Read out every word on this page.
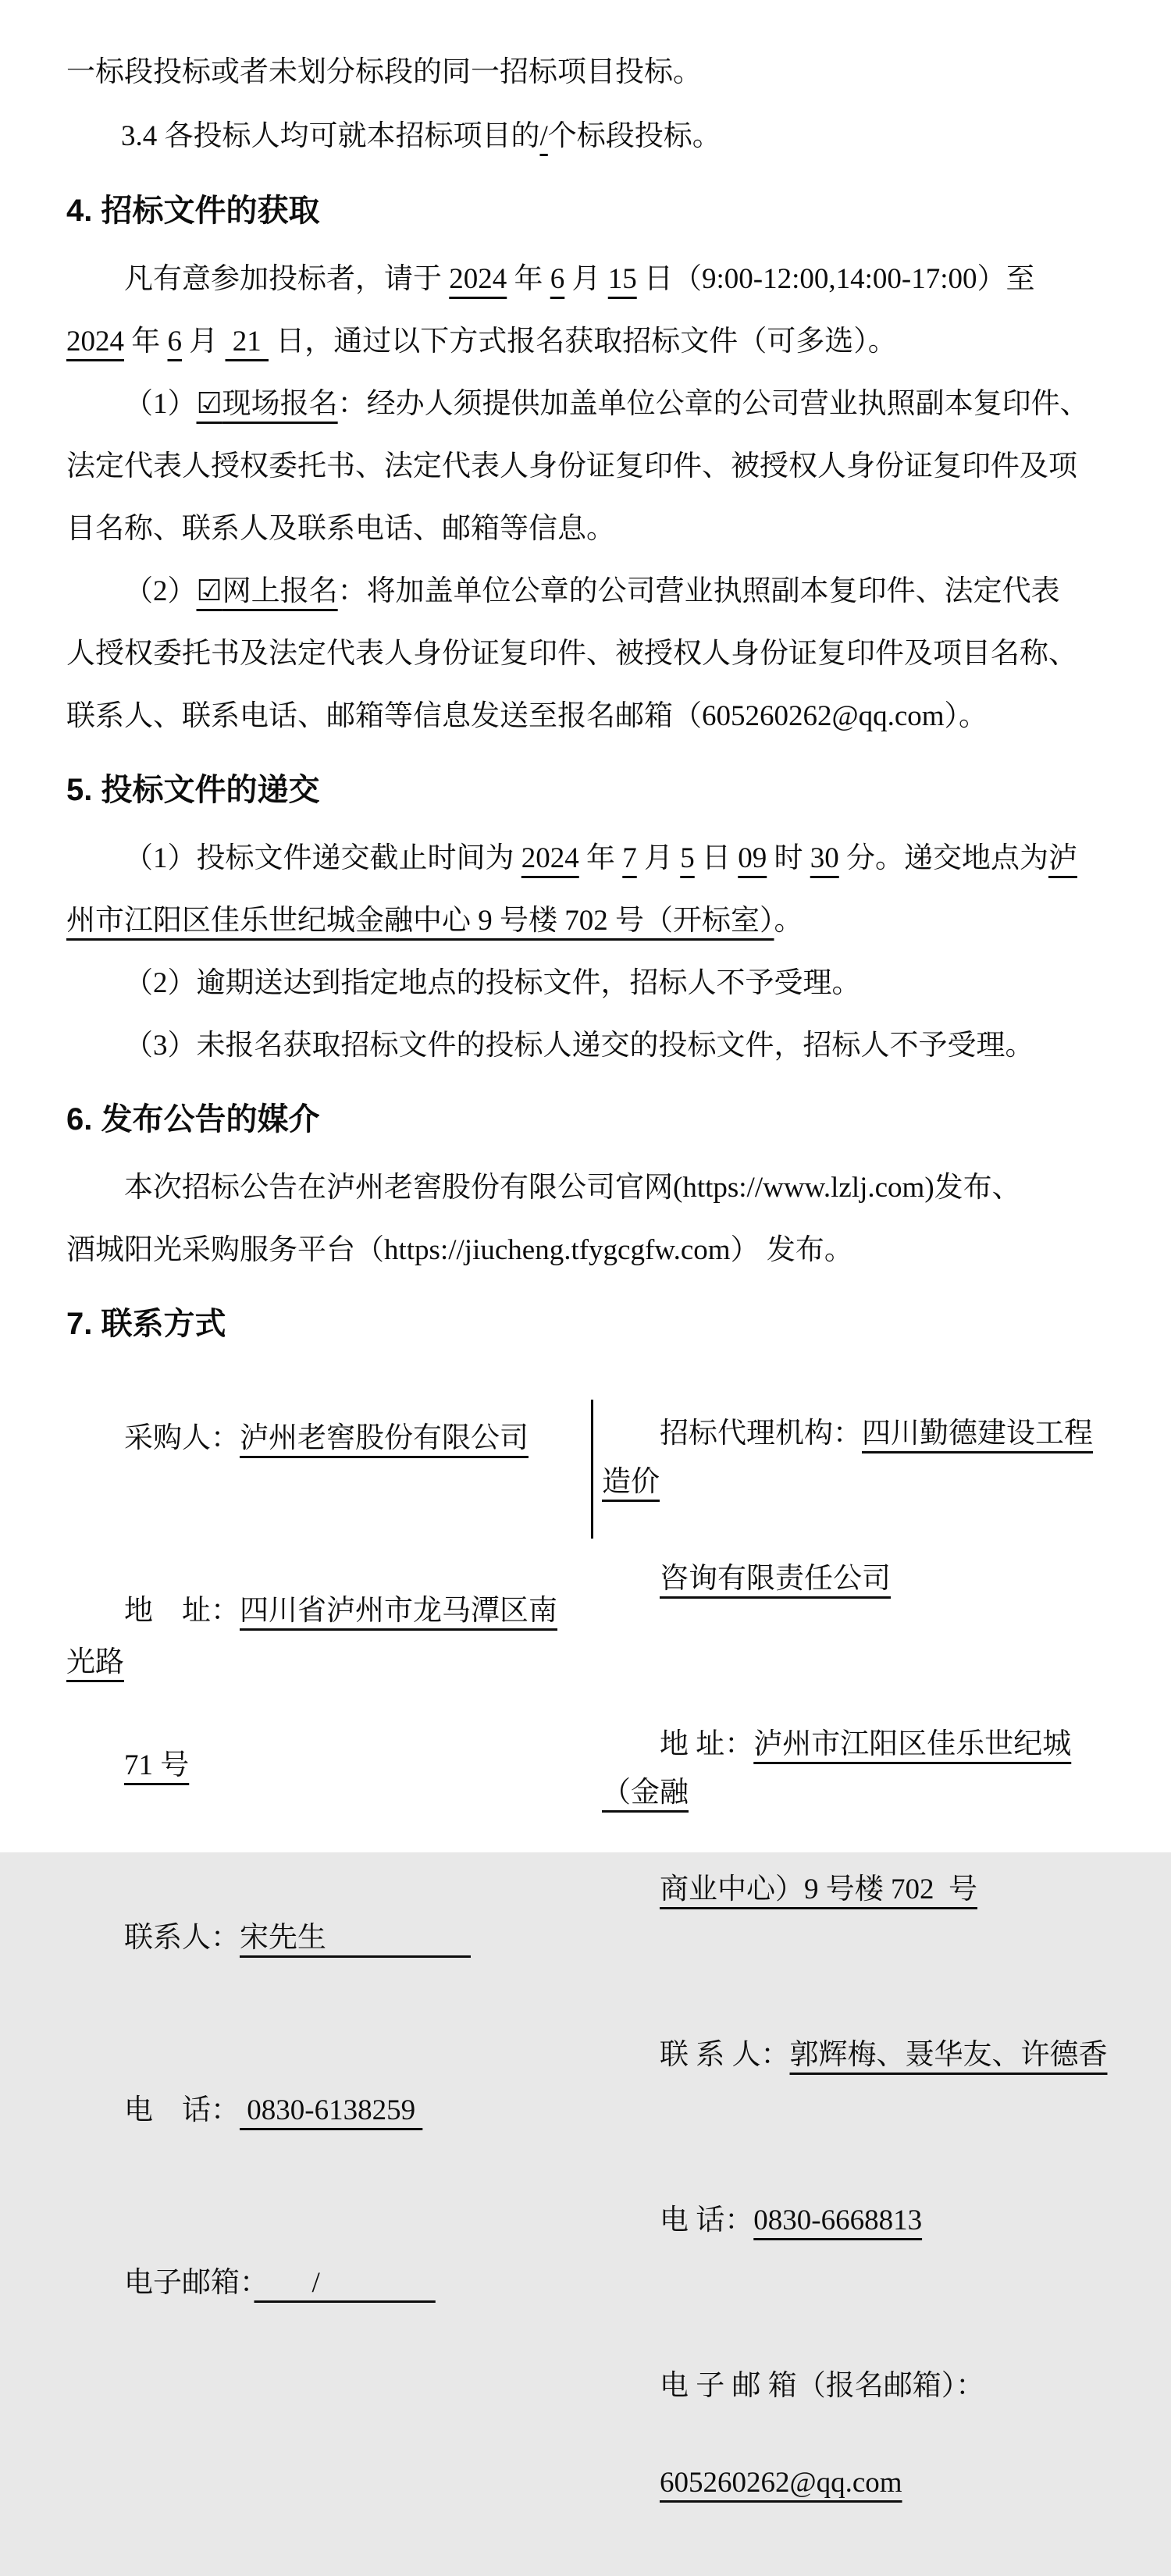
一标段投标或者未划分标段的同一招标项目投标。
3.4 各投标人均可就本招标项目的/个标段投标。
4. 招标文件的获取
凡有意参加投标者，请于 2024 年 6 月 15 日（9:00-12:00,14:00-17:00）至
2024 年 6 月  21  日，通过以下方式报名获取招标文件（可多选）。
（1）☑现场报名：经办人须提供加盖单位公章的公司营业执照副本复印件、
法定代表人授权委托书、法定代表人身份证复印件、被授权人身份证复印件及项
目名称、联系人及联系电话、邮箱等信息。
（2）☑网上报名：将加盖单位公章的公司营业执照副本复印件、法定代表
人授权委托书及法定代表人身份证复印件、被授权人身份证复印件及项目名称、
联系人、联系电话、邮箱等信息发送至报名邮箱（605260262@qq.com）。
5. 投标文件的递交
（1）投标文件递交截止时间为 2024 年 7 月 5 日 09 时 30 分。递交地点为泸
州市江阳区佳乐世纪城金融中心 9 号楼 702 号（开标室）。
（2）逾期送达到指定地点的投标文件，招标人不予受理。
（3）未报名获取招标文件的投标人递交的投标文件，招标人不予受理。
6. 发布公告的媒介
本次招标公告在泸州老窖股份有限公司官网(https://www.lzlj.com)发布、
酒城阳光采购服务平台（https://jiucheng.tfygcgfw.com） 发布。
7. 联系方式

采购人：泸州老窖股份有限公司

地　址：四川省泸州市龙马潭区南光路

71 号

联系人：宋先生　　　　　

电　话： 0830-6138259

电子邮箱：　　/　　　　

招标代理机构：四川勤德建设工程造价

咨询有限责任公司

地 址：泸州市江阳区佳乐世纪城（金融

商业中心）9 号楼 702  号

联 系 人：郭辉梅、聂华友、许德香

电 话：0830-6668813

电 子 邮 箱（报名邮箱）：

605260262@qq.com
